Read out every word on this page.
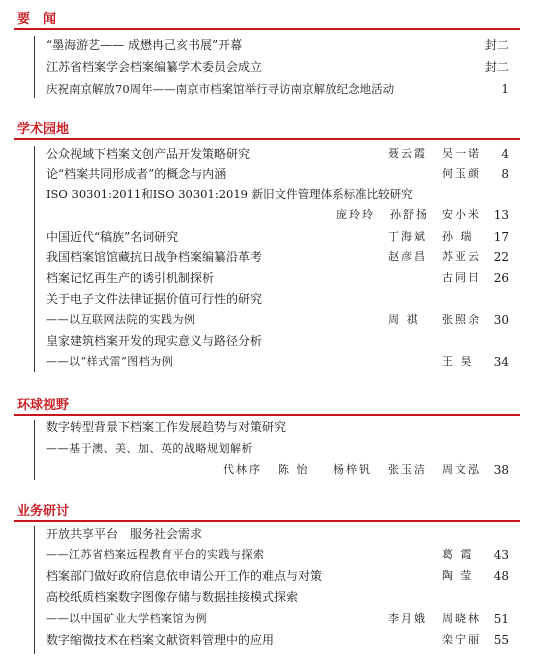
要　闻
“墨海游艺—— 成懋冉己亥书展”开幕	封二
江苏省档案学会档案编纂学术委员会成立	封二
庆祝南京解放70周年——南京市档案馆举行寻访南京解放纪念地活动	1
学术园地
公众视域下档案文创产品开发策略研究	聂云霞 吴一诺 4
论“档案共同形成者”的概念与内涵	何玉颜 8
ISO 30301:2011和ISO 30301:2019 新旧文件管理体系标准比较研究
庞玲玲 孙舒扬 安小米 13
中国近代“稿族”名词研究	丁海斌 孙 瑞 17
我国档案馆馆藏抗日战争档案编纂沿革考	赵彦昌 苏亚云 22
档案记忆再生产的诱引机制探析	古同日 26
关于电子文件法律证据价值可行性的研究
——以互联网法院的实践为例	周 祺 张照余 30
皇家建筑档案开发的现实意义与路径分析
——以“样式雷”图档为例	王 昊 34
环球视野
数字转型背景下档案工作发展趋势与对策研究
——基于澳、美、加、英的战略规划解析
代林序 陈 怡 杨梓钒 张玉洁 周文泓 38
业务研讨
开放共享平台　服务社会需求
——江苏省档案远程教育平台的实践与探索	葛 霞 43
档案部门做好政府信息依申请公开工作的难点与对策	陶 莹 48
高校纸质档案数字图像存储与数据挂接模式探索
——以中国矿业大学档案馆为例	李月娥 周晓林 51
数字缩微技术在档案文献资料管理中的应用	栾宁丽 55
